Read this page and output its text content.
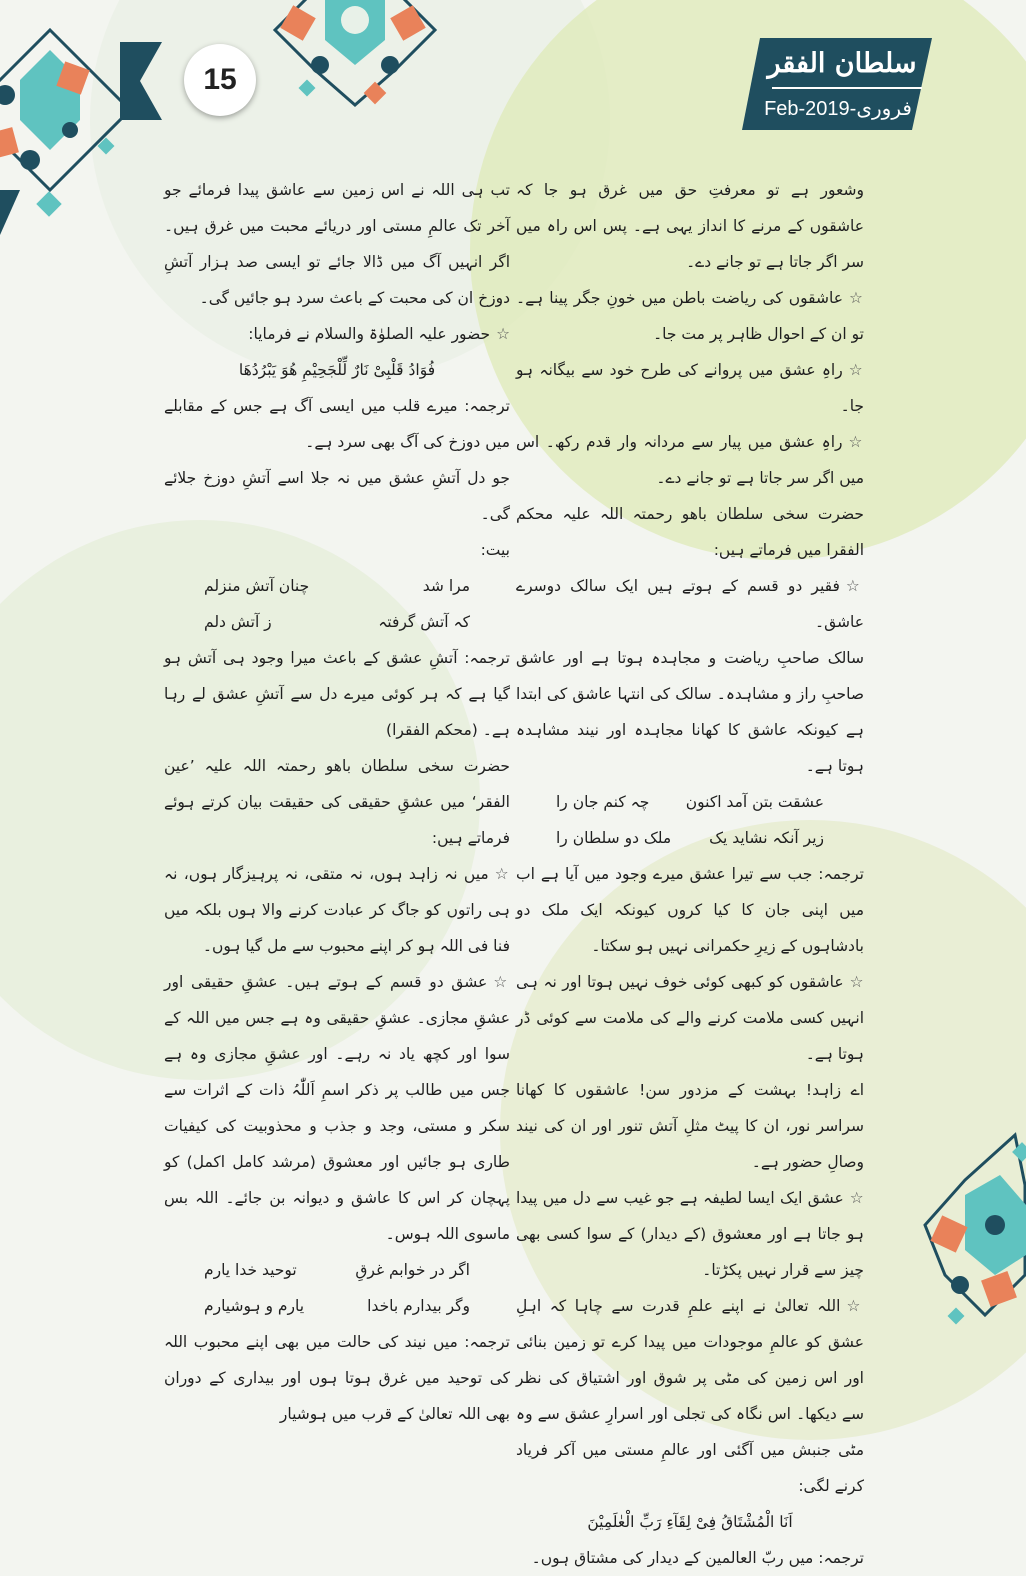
15	سلطان الفقر
Feb-2019-فروری

وشعور ہے تو معرفتِ حق میں غرق ہو جا کہ عاشقوں کے مرنے کا انداز یہی ہے۔ پس اس راہ میں سر اگر جاتا ہے تو جانے دے۔

☆عاشقوں کی ریاضت باطن میں خونِ جگر پینا ہے۔ تو ان کے احوال ظاہر پر مت جا۔

☆راہِ عشق میں پروانے کی طرح خود سے بیگانہ ہو جا۔

☆راہِ عشق میں پیار سے مردانہ وار قدم رکھ۔ اس میں اگر سر جاتا ہے تو جانے دے۔

حضرت سخی سلطان باھو رحمتہ اللہ علیہ محکم الفقرا میں فرماتے ہیں:

☆فقیر دو قسم کے ہوتے ہیں ایک سالک دوسرے عاشق۔

سالک صاحبِ ریاضت و مجاہدہ ہوتا ہے اور عاشق صاحبِ راز و مشاہدہ۔ سالک کی انتہا عاشق کی ابتدا ہے کیونکہ عاشق کا کھانا مجاہدہ اور نیند مشاہدہ ہوتا ہے۔

عشقت بتن آمد اکنون
چہ کنم جان را
زیر آنکہ نشاید یک
ملک دو سلطان را

ترجمہ: جب سے تیرا عشق میرے وجود میں آیا ہے اب میں اپنی جان کا کیا کروں کیونکہ ایک ملک دو بادشاہوں کے زیرِ حکمرانی نہیں ہو سکتا۔

☆عاشقوں کو کبھی کوئی خوف نہیں ہوتا اور نہ ہی انہیں کسی ملامت کرنے والے کی ملامت سے کوئی ڈر ہوتا ہے۔

اے زاہد! بہشت کے مزدور سن! عاشقوں کا کھانا سراسر نور، ان کا پیٹ مثلِ آتش تنور اور ان کی نیند وصالِ حضور ہے۔

☆عشق ایک ایسا لطیفہ ہے جو غیب سے دل میں پیدا ہو جاتا ہے اور معشوق (کے دیدار) کے سوا کسی بھی چیز سے قرار نہیں پکڑتا۔

☆اللہ تعالیٰ نے اپنے علمِ قدرت سے چاہا کہ اہلِ عشق کو عالمِ موجودات میں پیدا کرے تو زمین بنائی اور اس زمین کی مٹی پر شوق اور اشتیاق کی نظر سے دیکھا۔ اس نگاہ کی تجلی اور اسرارِ عشق سے وہ مٹی جنبش میں آگئی اور عالمِ مستی میں آکر فریاد کرنے لگی:

اَنَا الْمُشْتَاقُ فِیْ لِقَآءِ رَبِّ الْعٰلَمِیْنَ

ترجمہ: میں ربّ العالمین کے دیدار کی مشتاق ہوں۔

تب ہی اللہ نے اس زمین سے عاشق پیدا فرمائے جو آخر تک عالمِ مستی اور دریائے محبت میں غرق ہیں۔ اگر انہیں آگ میں ڈالا جائے تو ایسی صد ہزار آتشِ دوزخ ان کی محبت کے باعث سرد ہو جائیں گی۔

☆حضور علیہ الصلوٰۃ والسلام نے فرمایا:

فُوَادُ قَلْبِیْ نَارٌ لِّلْجَحِیْمِ هُوَ یَبْرُدُهَا

ترجمہ: میرے قلب میں ایسی آگ ہے جس کے مقابلے میں دوزخ کی آگ بھی سرد ہے۔

جو دل آتشِ عشق میں نہ جلا اسے آتشِ دوزخ جلائے گی۔

بیت:

مرا شد
چنان آتش منزلم
کہ آتش گرفتہ
ز آتش دلم

ترجمہ: آتشِ عشق کے باعث میرا وجود ہی آتش ہو گیا ہے کہ ہر کوئی میرے دل سے آتشِ عشق لے رہا ہے۔ (محکم الفقرا)

حضرت سخی سلطان باھو رحمتہ اللہ علیہ ’عین الفقر‘ میں عشقِ حقیقی کی حقیقت بیان کرتے ہوئے فرماتے ہیں:

☆میں نہ زاہد ہوں، نہ متقی، نہ پرہیزگار ہوں، نہ ہی راتوں کو جاگ کر عبادت کرنے والا ہوں بلکہ میں فنا فی اللہ ہو کر اپنے محبوب سے مل گیا ہوں۔

☆عشق دو قسم کے ہوتے ہیں۔ عشقِ حقیقی اور عشقِ مجازی۔ عشقِ حقیقی وہ ہے جس میں اللہ کے سوا اور کچھ یاد نہ رہے۔ اور عشقِ مجازی وہ ہے جس میں طالب پر ذکر اسمِ اَللّٰہُ ذات کے اثرات سے سکر و مستی، وجد و جذب و محذوبیت کی کیفیات طاری ہو جائیں اور معشوق (مرشد کامل اکمل) کو پہچان کر اس کا عاشق و دیوانہ بن جائے۔ اللہ بس ماسوی اللہ ہوس۔

اگر در خوابم غرقِ
توحید خدا یارم
وگر بیدارم باخدا
یارم و ہوشیارم

ترجمہ: میں نیند کی حالت میں بھی اپنے محبوب اللہ کی توحید میں غرق ہوتا ہوں اور بیداری کے دوران بھی اللہ تعالیٰ کے قرب میں ہوشیار
